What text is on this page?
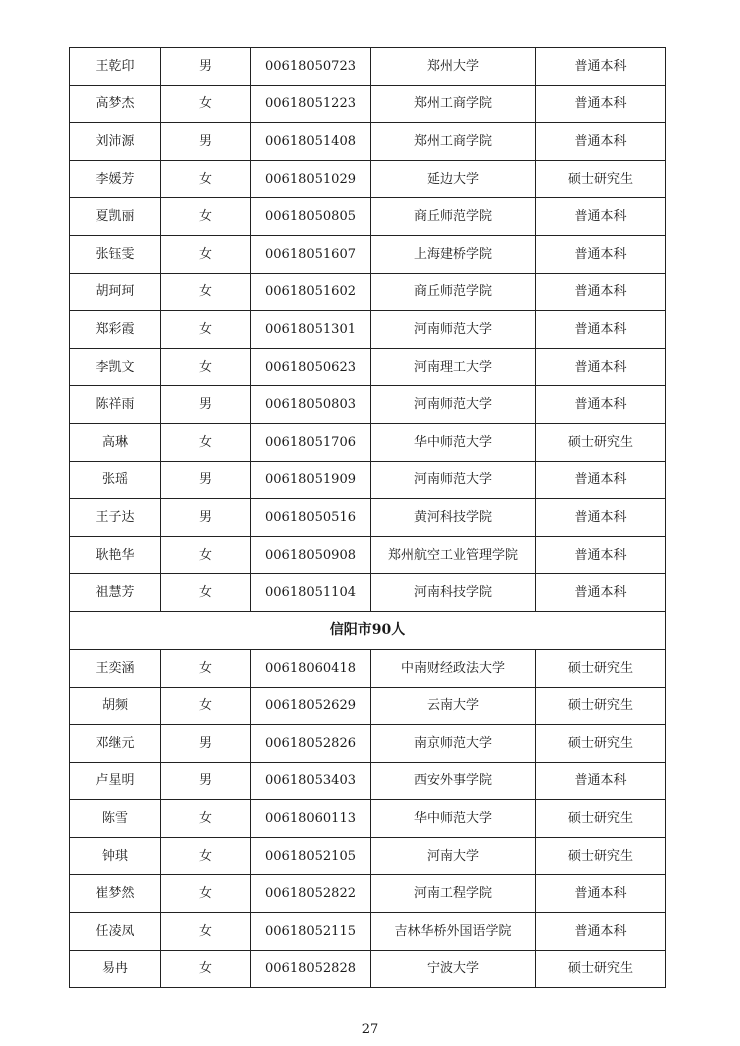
王乾印	男	00618050723	郑州大学	普通本科
高梦杰	女	00618051223	郑州工商学院	普通本科
刘沛源	男	00618051408	郑州工商学院	普通本科
李媛芳	女	00618051029	延边大学	硕士研究生
夏凯丽	女	00618050805	商丘师范学院	普通本科
张钰雯	女	00618051607	上海建桥学院	普通本科
胡珂珂	女	00618051602	商丘师范学院	普通本科
郑彩霞	女	00618051301	河南师范大学	普通本科
李凯文	女	00618050623	河南理工大学	普通本科
陈祥雨	男	00618050803	河南师范大学	普通本科
高琳	女	00618051706	华中师范大学	硕士研究生
张瑶	男	00618051909	河南师范大学	普通本科
王子达	男	00618050516	黄河科技学院	普通本科
耿艳华	女	00618050908	郑州航空工业管理学院	普通本科
祖慧芳	女	00618051104	河南科技学院	普通本科
信阳市90人				
王奕涵	女	00618060418	中南财经政法大学	硕士研究生
胡频	女	00618052629	云南大学	硕士研究生
邓继元	男	00618052826	南京师范大学	硕士研究生
卢星明	男	00618053403	西安外事学院	普通本科
陈雪	女	00618060113	华中师范大学	硕士研究生
钟琪	女	00618052105	河南大学	硕士研究生
崔梦然	女	00618052822	河南工程学院	普通本科
任凌凤	女	00618052115	吉林华桥外国语学院	普通本科
易冉	女	00618052828	宁波大学	硕士研究生
27
